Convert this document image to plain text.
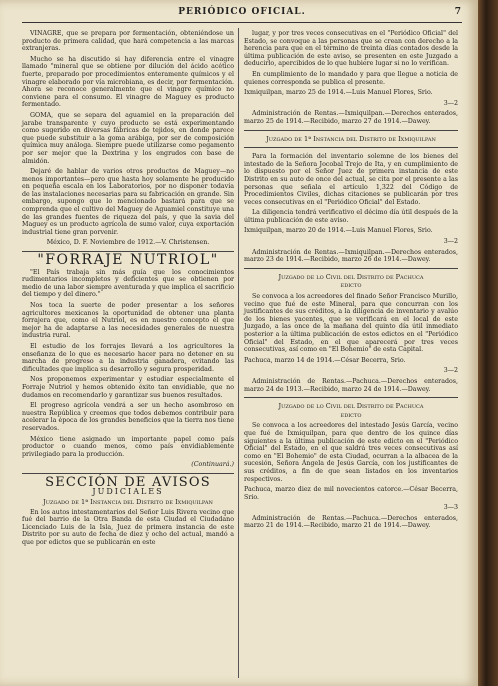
PERIÓDICO OFICIAL.	7

VINAGRE, que se prepara por fermentación, obteniéndose un producto de primera calidad, que hará competencia a las marcas extranjeras.

Mucho se ha discutido si hay diferencia entre el vinagre llamado "mineral que se obtiene por dilución del ácido acético fuerte, preparado por procedimientos enteramente químicos y el vinagre elaborado por vía microbiana, es decir, por fermentación. Ahora se reconoce generalmente que el vinagre químico no conviene para el consumo. El vinagre de Maguey es producto fermentado.

GOMA, que se separa del aguamiel en la preparación del jarabe transparente y cuyo producto se está experimentando como sugerido en diversas fábricas de tejidos, en donde parece que puede substituir a la goma arábiga, por ser de composición química muy análoga. Siempre puede utilizarse como pegamento por ser mejor que la Dextrina y los engrudos con base de almidón.

Dejaré de hablar de varios otros productos de Maguey—no menos importantes—pero que hasta hoy solamente he producido en pequeña escala en los Laboratorios, por no disponer todavía de las instalaciones necesarias para su fabricación en grande. Sin embargo, supongo que lo mencionado bastará para que se comprenda que el cultivo del Maguey de Aguamiel constituye una de las grandes fuentes de riqueza del país, y que la savia del Maguey es un producto agrícola de sumo valor, cuya exportación industrial tiene gran porvenir.

México, D. F. Noviembre de 1912.—V. Christensen.

"FORRAJE NUTRIOL"

"El País trabaja sin más guía que los conocimientos rudimentarios incompletos y deficientes que se obtienen por medio de una labor siempre aventurada y que implica el sacrificio del tiempo y del dinero."

Nos toca la suerte de poder presentar a los señores agricultores mexicanos la oportunidad de obtener una planta forrajera que, como el Nutriol, es en nuestro concepto el que mejor ha de adaptarse a las necesidades generales de nuestra industria rural.

El estudio de los forrajes llevará a los agricultores la enseñanza de lo que es necesario hacer para no detener en su marcha de progreso a la industria ganadera, evitando las dificultades que implica su desarrollo y segura prosperidad.

Nos proponemos experimentar y estudiar especialmente el Forraje Nutriol y hemos obtenido éxito tan envidiable, que no dudamos en recomendarlo y garantizar sus buenos resultados.

El progreso agrícola vendrá a ser un hecho asombroso en nuestra República y creemos que todos debemos contribuir para acelerar la época de los grandes beneficios que la tierra nos tiene reservados.

México tiene asignado un importante papel como país productor o cuando menos, como país envidiablemente privilegiado para la producción.

(Continuará.)

SECCIÓN DE AVISOS
JUDICIALES
Juzgado de 1ª Instancia del Distrito de Ixmiquilpan

En los autos intestamentarios del Señor Luis Rivera vecino que fué del barrio de la Otra Banda de esta Ciudad el Ciudadano Licenciado Luis de la Isla, Juez de primera instancia de este Distrito por su auto de fecha de diez y ocho del actual, mandó a que por edictos que se publicarán en este

lugar, y por tres veces consecutivas en el "Periódico Oficial" del Estado, se convoque a las personas que se crean con derecho a la herencia para que en el término de treinta días contados desde la última publicación de este aviso, se presenten en este Juzgado a deducirlo, apercibidos de lo que hubiere lugar si no lo verifican.

En cumplimiento de lo mandado y para que llegue a noticia de quienes corresponda se publica el presente.

Ixmiquilpan, marzo 25 de 1914.—Luis Manuel Flores, Srio.

3—2

Administración de Rentas.—Ixmiquilpan.—Derechos enterados, marzo 25 de 1914.—Recibido, marzo 27 de 1914.—Dawey.

Juzgado de 1ª Instancia del Distrito de Ixmiquilpan

Para la formación del inventario solemne de los bienes del intestado de la Señora Jocobal Trejo de Ita, y en cumplimiento de lo dispuesto por el Señor Juez de primera instancia de este Distrito en su auto de once del actual, se cita por el presente a las personas que señala el artículo 1,322 del Código de Procedimientos Civiles, dichas citaciones se publicarán por tres veces consecutivas en el "Periódico Oficial" del Estado.

La diligencia tendrá verificativo el décimo día útil después de la última publicación de este aviso.

Ixmiquilpan, marzo 20 de 1914.—Luis Manuel Flores, Srio.

3—2

Administración de Rentas.—Ixmiquilpan.—Derechos enterados, marzo 23 de 1914.—Recibido, marzo 26 de 1914.—Dawey.

Juzgado de lo Civil del Distrito de Pachuca
EDICTO

Se convoca a los acreedores del finado Señor Francisco Murillo, vecino que fué de este Mineral, para que concurran con los justificantes de sus créditos, a la diligencia de inventario y avalúo de los bienes yacentes, que se verificará en el local de este Juzgado, a las once de la mañana del quinto día útil inmediato posterior a la última publicación de estos edictos en el "Periódico Oficial" del Estado, en el que aparecerá por tres veces consecutivas, así como en "El Bohemio" de esta Capital.

Pachuca, marzo 14 de 1914.—César Becerra, Srio.

3—2

Administración de Rentas.—Pachuca.—Derechos enterados, marzo 24 de 1913.—Recibido, marzo 24 de 1914.—Dawey.

Juzgado de lo Civil del Distrito de Pachuca
EDICTO

Se convoca a los acreedores del intestado Jesús García, vecino que fué de Ixmiquilpan, para que dentro de los quince días siguientes a la última publicación de este edicto en el "Periódico Oficial" del Estado, en el que saldrá tres veces consecutivas así como en "El Bohemio" de esta Ciudad, ocurran a la albacea de la sucesión, Señora Ángela de Jesús García, con los justificantes de sus créditos, a fin de que sean listados en los inventarios respectivos.

Pachuca, marzo diez de mil novecientos catorce.—César Becerra, Srio.

3—3

Administración de Rentas.—Pachuca.—Derechos enterados, marzo 21 de 1914.—Recibido, marzo 21 de 1914.—Dawey.
